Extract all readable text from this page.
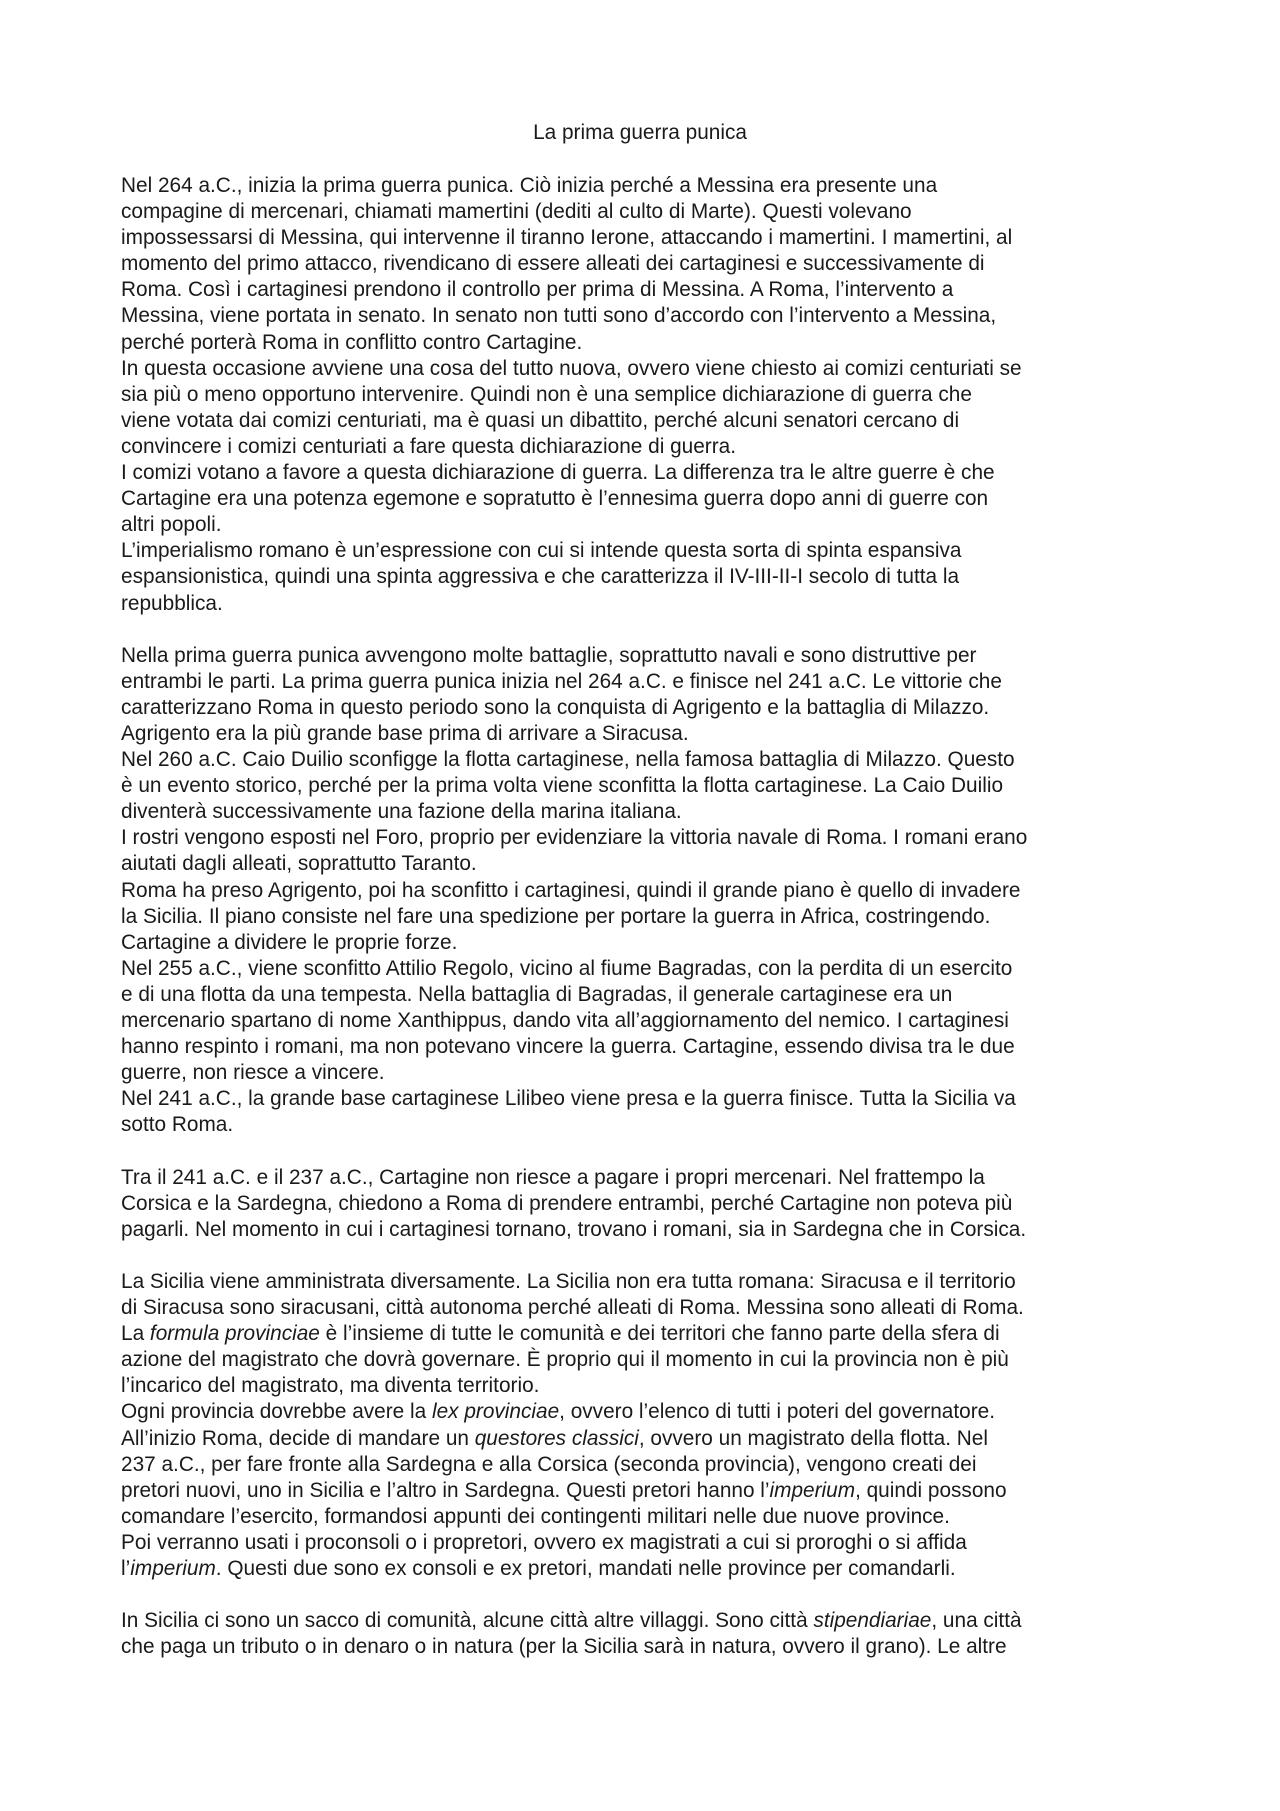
La prima guerra punica
Nel 264 a.C., inizia la prima guerra punica. Ciò inizia perché a Messina era presente una
compagine di mercenari, chiamati mamertini (dediti al culto di Marte). Questi volevano
impossessarsi di Messina, qui intervenne il tiranno Ierone, attaccando i mamertini. I mamertini, al
momento del primo attacco, rivendicano di essere alleati dei cartaginesi e successivamente di
Roma. Così i cartaginesi prendono il controllo per prima di Messina. A Roma, l’intervento a
Messina, viene portata in senato. In senato non tutti sono d’accordo con l’intervento a Messina,
perché porterà Roma in conflitto contro Cartagine.
In questa occasione avviene una cosa del tutto nuova, ovvero viene chiesto ai comizi centuriati se
sia più o meno opportuno intervenire. Quindi non è una semplice dichiarazione di guerra che
viene votata dai comizi centuriati, ma è quasi un dibattito, perché alcuni senatori cercano di
convincere i comizi centuriati a fare questa dichiarazione di guerra.
I comizi votano a favore a questa dichiarazione di guerra. La differenza tra le altre guerre è che
Cartagine era una potenza egemone e sopratutto è l’ennesima guerra dopo anni di guerre con
altri popoli.
L’imperialismo romano è un’espressione con cui si intende questa sorta di spinta espansiva
espansionistica, quindi una spinta aggressiva e che caratterizza il IV-III-II-I secolo di tutta la
repubblica.
Nella prima guerra punica avvengono molte battaglie, soprattutto navali e sono distruttive per
entrambi le parti. La prima guerra punica inizia nel 264 a.C. e finisce nel 241 a.C. Le vittorie che
caratterizzano Roma in questo periodo sono la conquista di Agrigento e la battaglia di Milazzo.
Agrigento era la più grande base prima di arrivare a Siracusa.
Nel 260 a.C. Caio Duilio sconfigge la flotta cartaginese, nella famosa battaglia di Milazzo. Questo
è un evento storico, perché per la prima volta viene sconfitta la flotta cartaginese. La Caio Duilio
diventerà successivamente una fazione della marina italiana.
I rostri vengono esposti nel Foro, proprio per evidenziare la vittoria navale di Roma. I romani erano
aiutati dagli alleati, soprattutto Taranto.
Roma ha preso Agrigento, poi ha sconfitto i cartaginesi, quindi il grande piano è quello di invadere
la Sicilia. Il piano consiste nel fare una spedizione per portare la guerra in Africa, costringendo.
Cartagine a dividere le proprie forze.
Nel 255 a.C., viene sconfitto Attilio Regolo, vicino al fiume Bagradas, con la perdita di un esercito
e di una flotta da una tempesta. Nella battaglia di Bagradas, il generale cartaginese era un
mercenario spartano di nome Xanthippus, dando vita all’aggiornamento del nemico. I cartaginesi
hanno respinto i romani, ma non potevano vincere la guerra. Cartagine, essendo divisa tra le due
guerre, non riesce a vincere.
Nel 241 a.C., la grande base cartaginese Lilibeo viene presa e la guerra finisce. Tutta la Sicilia va
sotto Roma.
Tra il 241 a.C. e il 237 a.C., Cartagine non riesce a pagare i propri mercenari. Nel frattempo la
Corsica e la Sardegna, chiedono a Roma di prendere entrambi, perché Cartagine non poteva più
pagarli. Nel momento in cui i cartaginesi tornano, trovano i romani, sia in Sardegna che in Corsica.
La Sicilia viene amministrata diversamente. La Sicilia non era tutta romana: Siracusa e il territorio
di Siracusa sono siracusani, città autonoma perché alleati di Roma. Messina sono alleati di Roma.
La formula provinciae è l’insieme di tutte le comunità e dei territori che fanno parte della sfera di
azione del magistrato che dovrà governare. È proprio qui il momento in cui la provincia non è più
l’incarico del magistrato, ma diventa territorio.
Ogni provincia dovrebbe avere la lex provinciae, ovvero l’elenco di tutti i poteri del governatore.
All’inizio Roma, decide di mandare un questores classici, ovvero un magistrato della flotta. Nel
237 a.C., per fare fronte alla Sardegna e alla Corsica (seconda provincia), vengono creati dei
pretori nuovi, uno in Sicilia e l’altro in Sardegna. Questi pretori hanno l’imperium, quindi possono
comandare l’esercito, formandosi appunti dei contingenti militari nelle due nuove province.
Poi verranno usati i proconsoli o i propretori, ovvero ex magistrati a cui si proroghi o si affida
l’imperium. Questi due sono ex consoli e ex pretori, mandati nelle province per comandarli.
In Sicilia ci sono un sacco di comunità, alcune città altre villaggi. Sono città stipendiariae, una città
che paga un tributo o in denaro o in natura (per la Sicilia sarà in natura, ovvero il grano). Le altre
